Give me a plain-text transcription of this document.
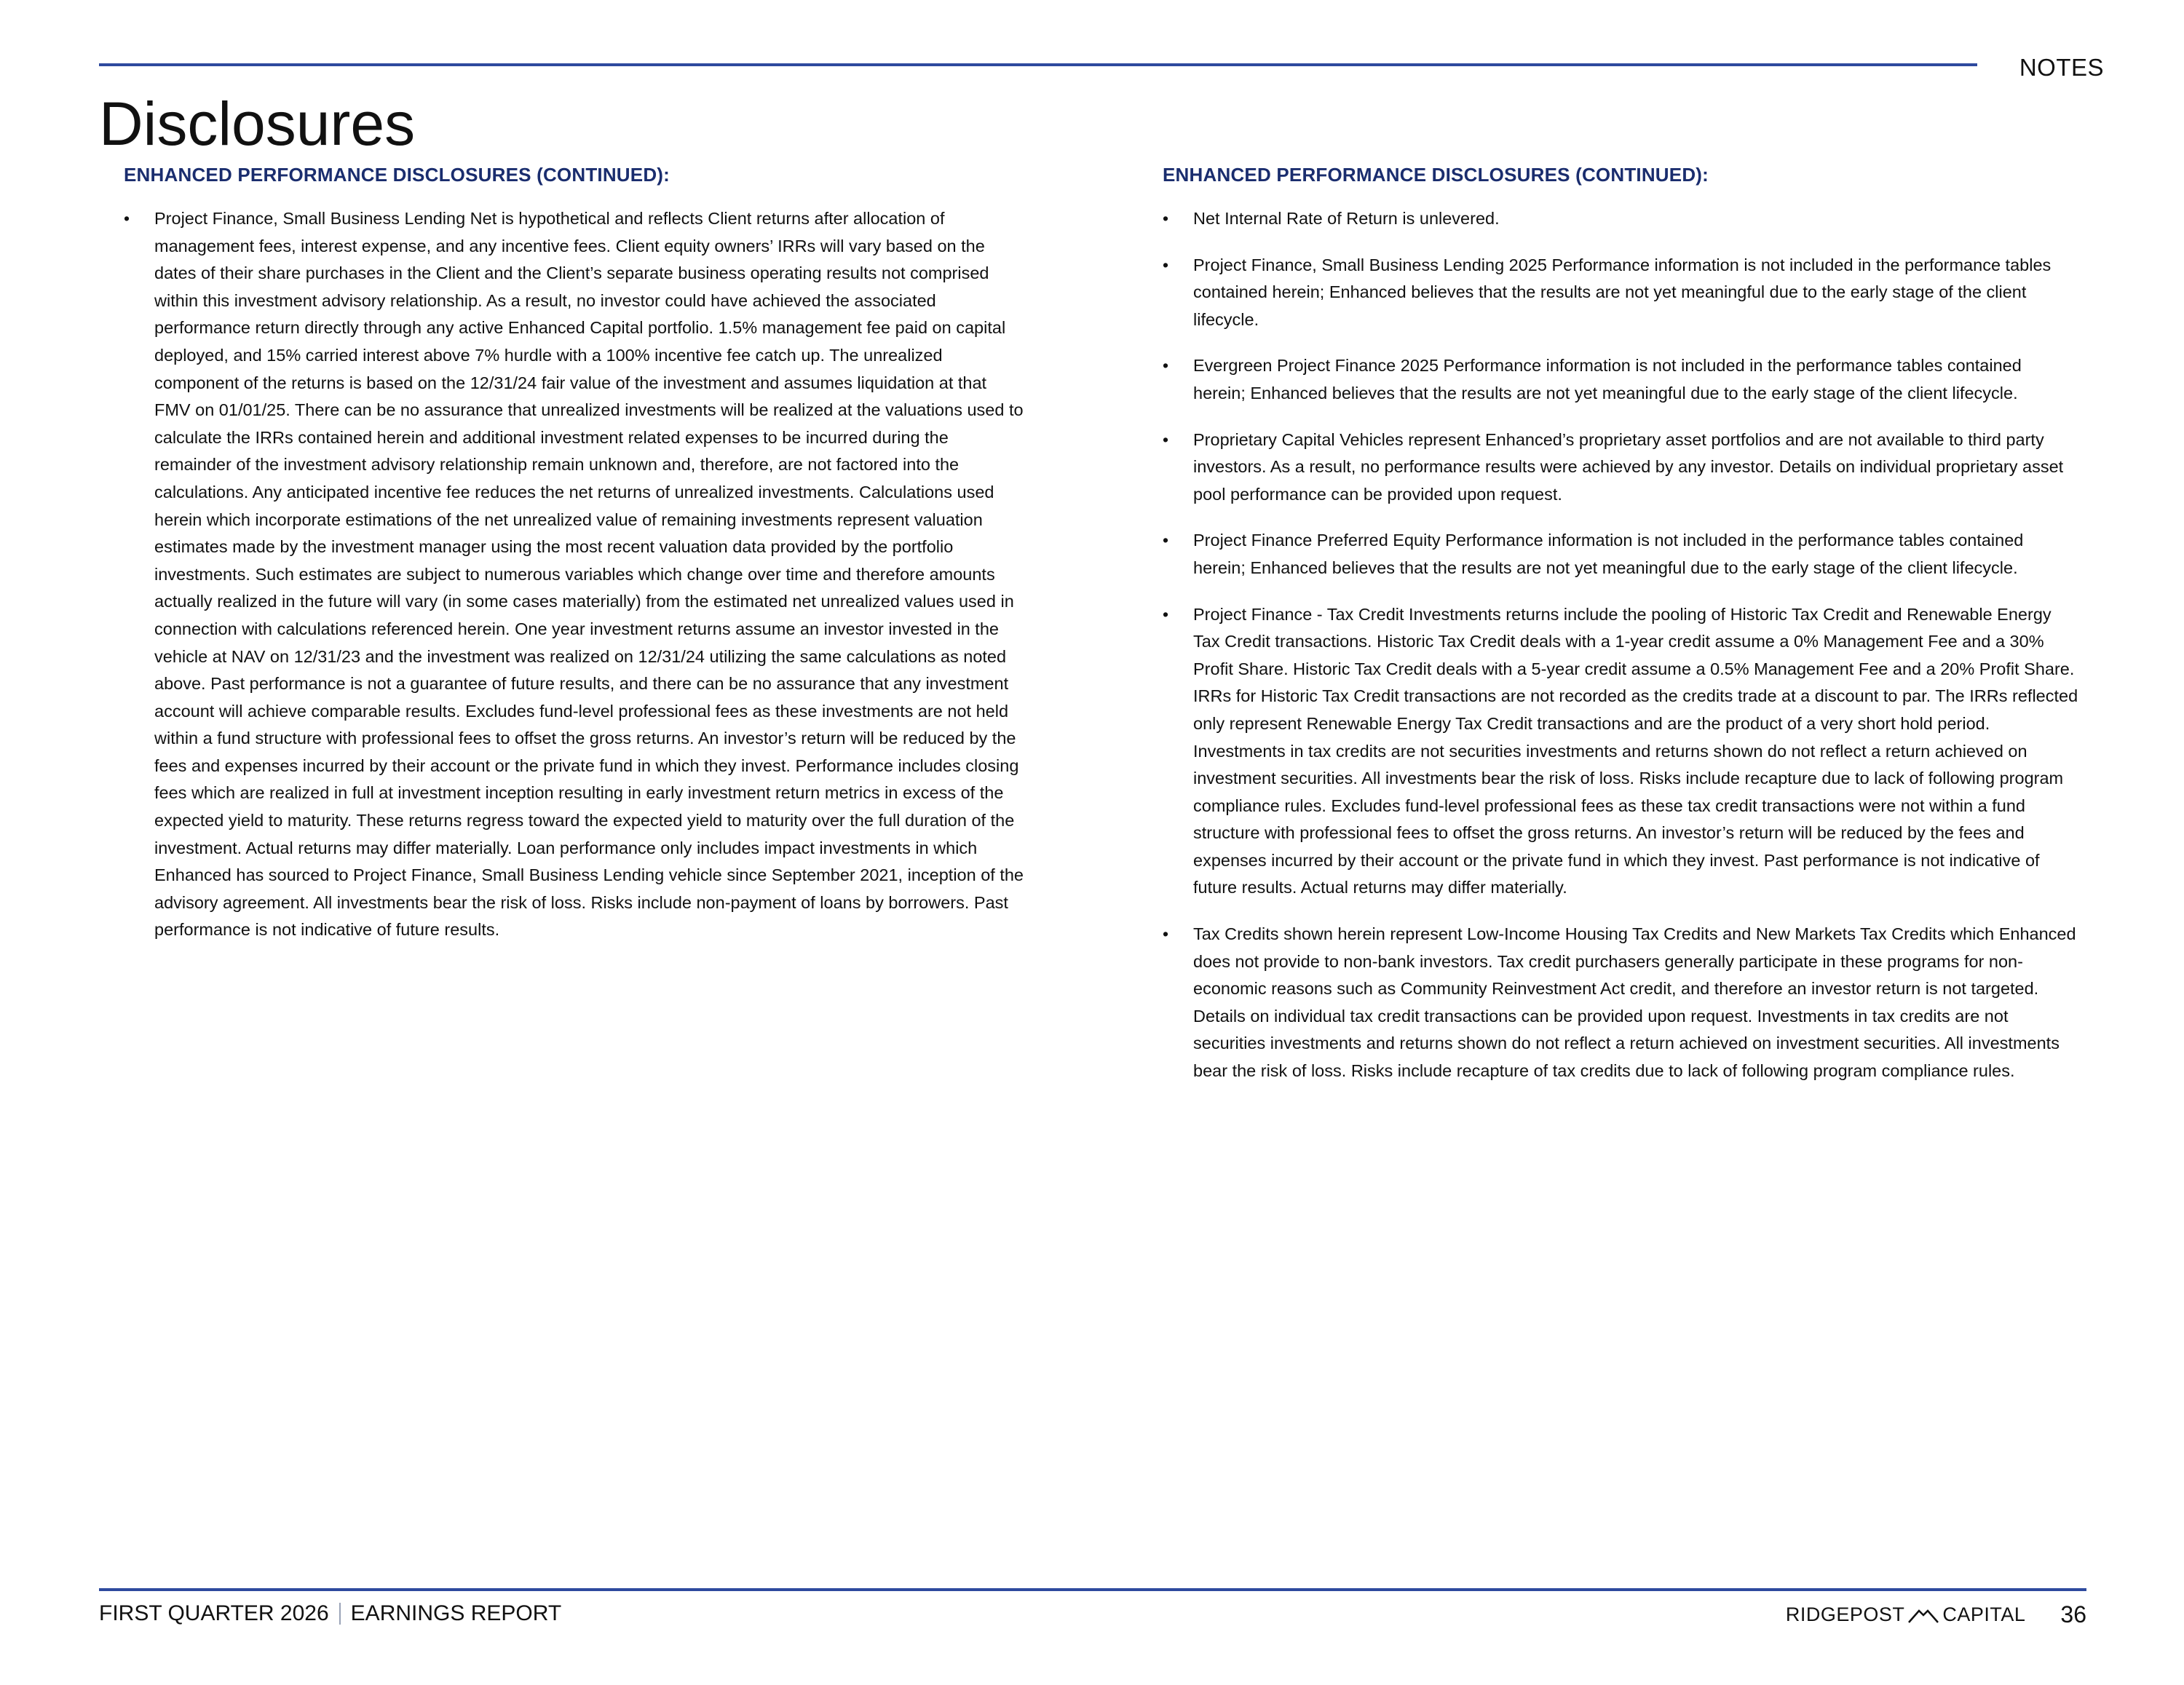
NOTES
Disclosures
ENHANCED PERFORMANCE DISCLOSURES (CONTINUED):
• Project Finance, Small Business Lending Net is hypothetical and reflects Client returns after allocation of management fees, interest expense, and any incentive fees. Client equity owners’ IRRs will vary based on the dates of their share purchases in the Client and the Client’s separate business operating results not comprised within this investment advisory relationship. As a result, no investor could have achieved the associated performance return directly through any active Enhanced Capital portfolio. 1.5% management fee paid on capital deployed, and 15% carried interest above 7% hurdle with a 100% incentive fee catch up. The unrealized component of the returns is based on the 12/31/24 fair value of the investment and assumes liquidation at that FMV on 01/01/25. There can be no assurance that unrealized investments will be realized at the valuations used to calculate the IRRs contained herein and additional investment related expenses to be incurred during the remainder of the investment advisory relationship remain unknown and, therefore, are not factored into the calculations. Any anticipated incentive fee reduces the net returns of unrealized investments. Calculations used herein which incorporate estimations of the net unrealized value of remaining investments represent valuation estimates made by the investment manager using the most recent valuation data provided by the portfolio investments. Such estimates are subject to numerous variables which change over time and therefore amounts actually realized in the future will vary (in some cases materially) from the estimated net unrealized values used in connection with calculations referenced herein. One year investment returns assume an investor invested in the vehicle at NAV on 12/31/23 and the investment was realized on 12/31/24 utilizing the same calculations as noted above. Past performance is not a guarantee of future results, and there can be no assurance that any investment account will achieve comparable results. Excludes fund-level professional fees as these investments are not held within a fund structure with professional fees to offset the gross returns. An investor’s return will be reduced by the fees and expenses incurred by their account or the private fund in which they invest. Performance includes closing fees which are realized in full at investment inception resulting in early investment return metrics in excess of the expected yield to maturity. These returns regress toward the expected yield to maturity over the full duration of the investment. Actual returns may differ materially. Loan performance only includes impact investments in which Enhanced has sourced to Project Finance, Small Business Lending vehicle since September 2021, inception of the advisory agreement. All investments bear the risk of loss. Risks include non-payment of loans by borrowers. Past performance is not indicative of future results.
ENHANCED PERFORMANCE DISCLOSURES (CONTINUED):
• Net Internal Rate of Return is unlevered.
• Project Finance, Small Business Lending 2025 Performance information is not included in the performance tables contained herein; Enhanced believes that the results are not yet meaningful due to the early stage of the client lifecycle.
• Evergreen Project Finance 2025 Performance information is not included in the performance tables contained herein; Enhanced believes that the results are not yet meaningful due to the early stage of the client lifecycle.
• Proprietary Capital Vehicles represent Enhanced’s proprietary asset portfolios and are not available to third party investors. As a result, no performance results were achieved by any investor. Details on individual proprietary asset pool performance can be provided upon request.
• Project Finance Preferred Equity Performance information is not included in the performance tables contained herein; Enhanced believes that the results are not yet meaningful due to the early stage of the client lifecycle.
• Project Finance - Tax Credit Investments returns include the pooling of Historic Tax Credit and Renewable Energy Tax Credit transactions. Historic Tax Credit deals with a 1-year credit assume a 0% Management Fee and a 30% Profit Share. Historic Tax Credit deals with a 5-year credit assume a 0.5% Management Fee and a 20% Profit Share. IRRs for Historic Tax Credit transactions are not recorded as the credits trade at a discount to par. The IRRs reflected only represent Renewable Energy Tax Credit transactions and are the product of a very short hold period. Investments in tax credits are not securities investments and returns shown do not reflect a return achieved on investment securities. All investments bear the risk of loss. Risks include recapture due to lack of following program compliance rules. Excludes fund-level professional fees as these tax credit transactions were not within a fund structure with professional fees to offset the gross returns. An investor’s return will be reduced by the fees and expenses incurred by their account or the private fund in which they invest. Past performance is not indicative of future results. Actual returns may differ materially.
• Tax Credits shown herein represent Low-Income Housing Tax Credits and New Markets Tax Credits which Enhanced does not provide to non-bank investors. Tax credit purchasers generally participate in these programs for non-economic reasons such as Community Reinvestment Act credit, and therefore an investor return is not targeted. Details on individual tax credit transactions can be provided upon request. Investments in tax credits are not securities investments and returns shown do not reflect a return achieved on investment securities. All investments bear the risk of loss. Risks include recapture of tax credits due to lack of following program compliance rules.
FIRST QUARTER 2026 EARNINGS REPORT	RIDGEPOST CAPITAL 36
